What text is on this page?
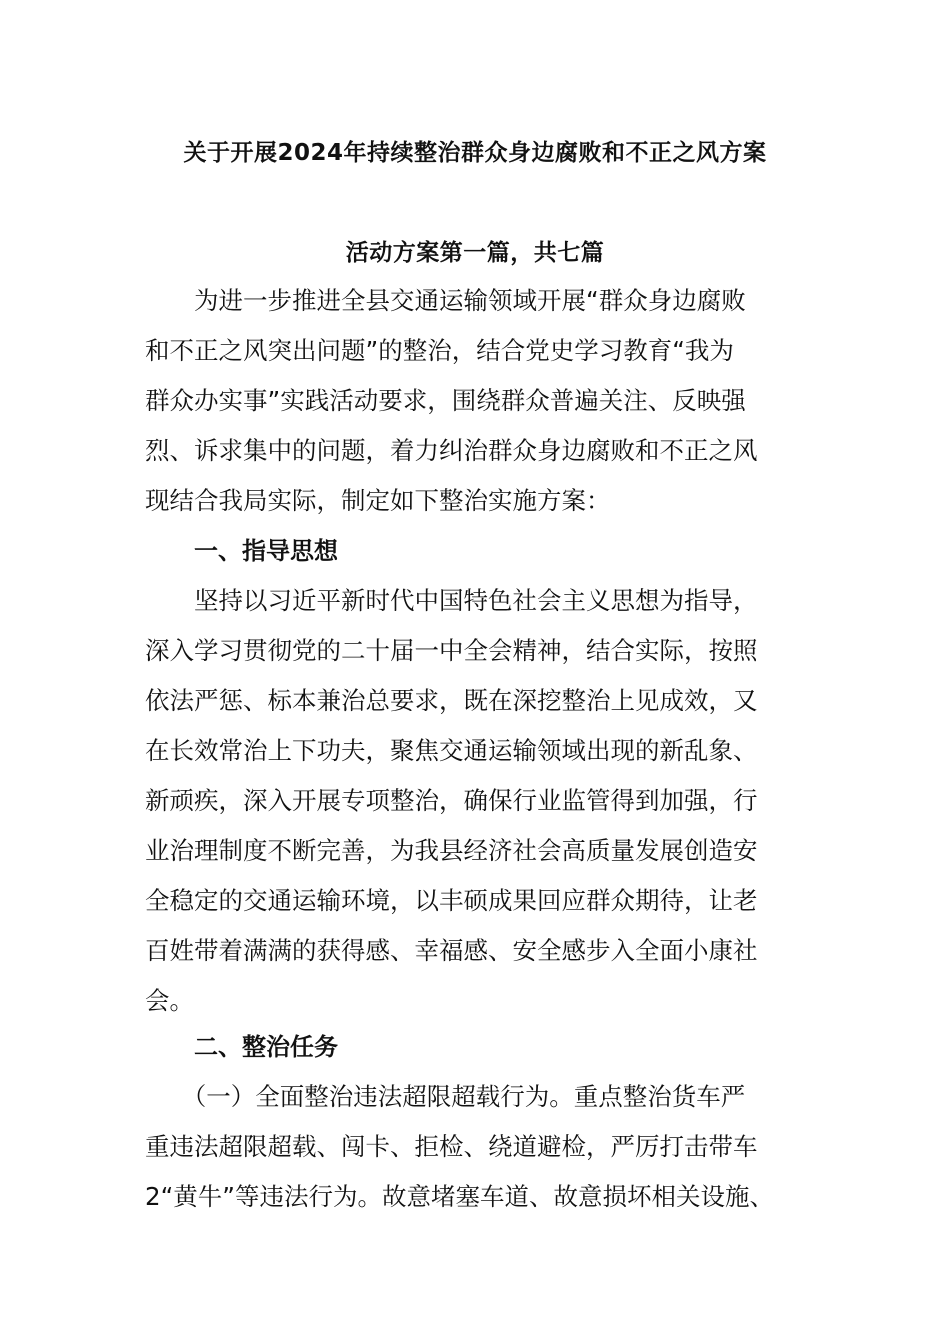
关于开展2024年持续整治群众身边腐败和不正之风方案
活动方案第一篇，共七篇
　　为进一步推进全县交通运输领域开展“群众身边腐败
和不正之风突出问题”的整治，结合党史学习教育“我为
群众办实事”实践活动要求，围绕群众普遍关注、反映强
烈、诉求集中的问题，着力纠治群众身边腐败和不正之风
现结合我局实际，制定如下整治实施方案：
一、指导思想
　　坚持以习近平新时代中国特色社会主义思想为指导，
深入学习贯彻党的二十届一中全会精神，结合实际，按照
依法严惩、标本兼治总要求，既在深挖整治上见成效，又
在长效常治上下功夫，聚焦交通运输领域出现的新乱象、
新顽疾，深入开展专项整治，确保行业监管得到加强，行
业治理制度不断完善，为我县经济社会高质量发展创造安
全稳定的交通运输环境，以丰硕成果回应群众期待，让老
百姓带着满满的获得感、幸福感、安全感步入全面小康社
会。
二、整治任务
　　（一）全面整治违法超限超载行为。重点整治货车严
重违法超限超载、闯卡、拒检、绕道避检，严厉打击带车
2“黄牛”等违法行为。故意堵塞车道、故意损坏相关设施、
